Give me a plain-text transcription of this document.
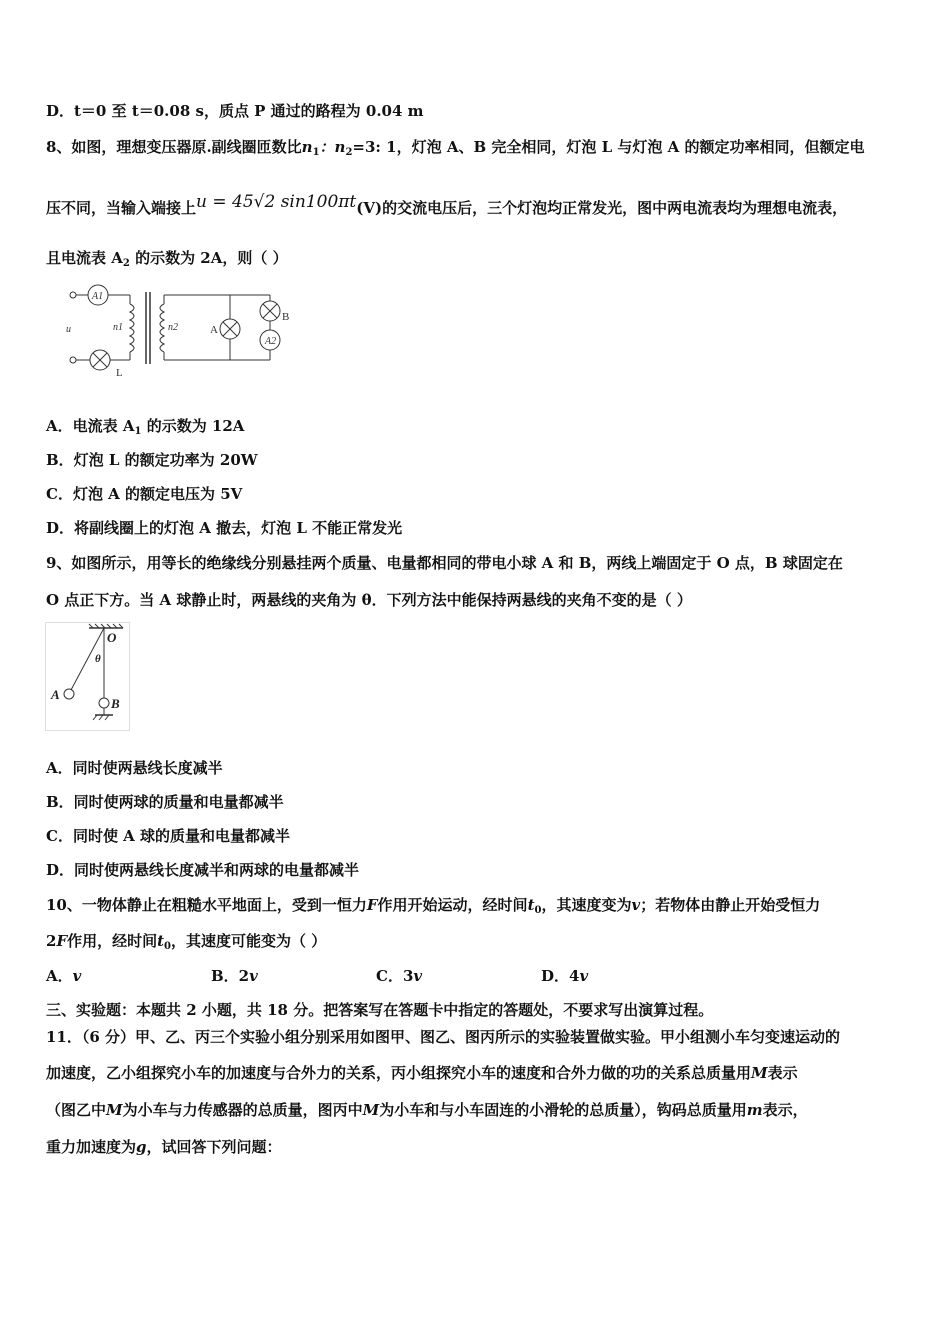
D．t＝0 至 t＝0.08 s，质点 P 通过的路程为 0.04 m
8、如图，理想变压器原.副线圈匝数比$n_1$：$n_2=3$: 1，灯泡 A、B 完全相同，灯泡 L 与灯泡 A 的额定功率相同，但额定电
压不同，当输入端接上u = 45√2 sin100πt(V)的交流电压后，三个灯泡均正常发光，图中两电流表均为理想电流表，
且电流表 $A_2$ 的示数为 2A，则（ ）
A1
A2
u	n1	n2	A
B
L
A．电流表 $A_1$ 的示数为 12A
B．灯泡 L 的额定功率为 20W
C．灯泡 A 的额定电压为 5V
D．将副线圈上的灯泡 A 撤去，灯泡 L 不能正常发光
9、如图所示，用等长的绝缘线分别悬挂两个质量、电量都相同的带电小球 A 和 B，两线上端固定于 O 点，B 球固定在
O 点正下方。当 A 球静止时，两悬线的夹角为 θ．下列方法中能保持两悬线的夹角不变的是（ ）
O
θ
A
B
A．同时使两悬线长度减半
B．同时使两球的质量和电量都减半
C．同时使 A 球的质量和电量都减半
D．同时使两悬线长度减半和两球的电量都减半
10、一物体静止在粗糙水平地面上，受到一恒力F作用开始运动，经时间$t_0$，其速度变为v；若物体由静止开始受恒力
2F作用，经时间$t_0$，其速度可能变为（ ）
A．v	B．2v	C．3v	D．4v
三、实验题：本题共 2 小题，共 18 分。把答案写在答题卡中指定的答题处，不要求写出演算过程。
11．（6 分）甲、乙、丙三个实验小组分别采用如图甲、图乙、图丙所示的实验装置做实验。甲小组测小车匀变速运动的
加速度，乙小组探究小车的加速度与合外力的关系，丙小组探究小车的速度和合外力做的功的关系总质量用M表示
（图乙中M为小车与力传感器的总质量，图丙中M为小车和与小车固连的小滑轮的总质量），钩码总质量用m表示，
重力加速度为g，试回答下列问题：
